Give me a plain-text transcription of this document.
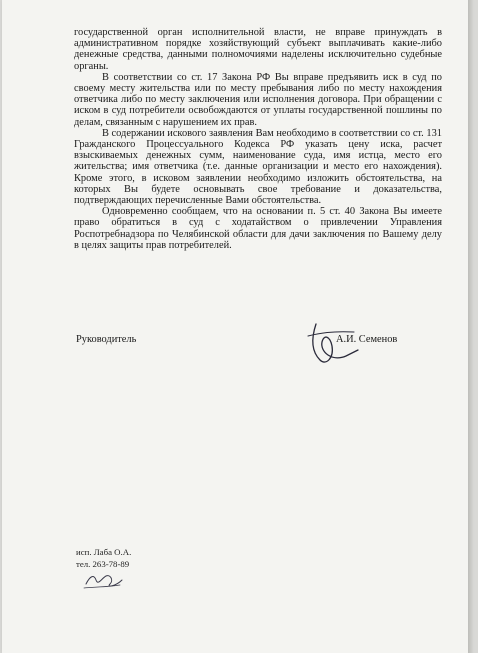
государственной орган исполнительной власти, не вправе принуждать в административном порядке хозяйствующий субъект выплачивать какие-либо денежные средства, данными полномочиями наделены исключительно судебные органы.

В соответствии со ст. 17 Закона РФ Вы вправе предъявить иск в суд по своему месту жительства или по месту пребывания либо по месту нахождения ответчика либо по месту заключения или исполнения договора. При обращении с иском в суд потребители освобождаются от уплаты государственной пошлины по делам, связанным с нарушением их прав.

В содержании искового заявления Вам необходимо в соответствии со ст. 131 Гражданского Процессуального Кодекса РФ указать цену иска, расчет взыскиваемых денежных сумм, наименование суда, имя истца, место его жительства; имя ответчика (т.е. данные организации и место его нахождения). Кроме этого, в исковом заявлении необходимо изложить обстоятельства, на которых Вы будете основывать свое требование и доказательства, подтверждающих перечисленные Вами обстоятельства.

Одновременно сообщаем, что на основании п. 5 ст. 40 Закона Вы имеете право обратиться в суд с ходатайством о привлечении Управления Роспотребнадзора по Челябинской области для дачи заключения по Вашему делу в целях защиты прав потребителей.

Руководитель	А.И. Семенов
исп. Лаба О.А.
тел. 263-78-89
